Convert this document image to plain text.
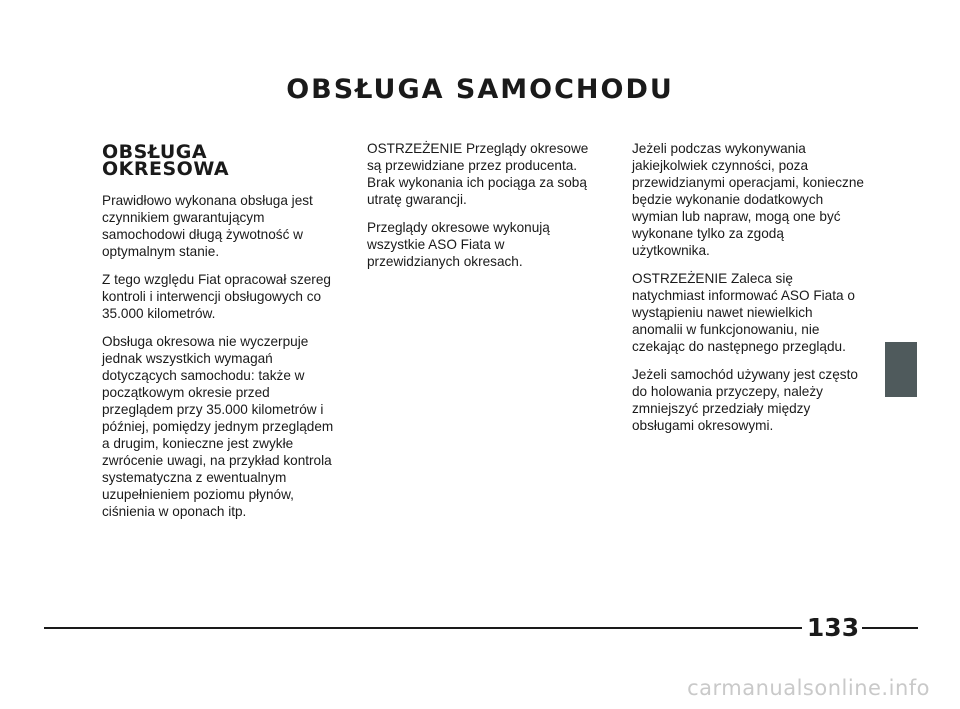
OBSŁUGA SAMOCHODU
OBSŁUGA OKRESOWA

Prawidłowo wykonana obsługa jest czynnikiem gwarantującym samochodowi długą żywotność w optymalnym stanie.

Z tego względu Fiat opracował szereg kontroli i interwencji obsługowych co 35.000 kilometrów.

Obsługa okresowa nie wyczerpuje jednak wszystkich wymagań dotyczących samochodu: także w początkowym okresie przed przeglądem przy 35.000 kilometrów i później, pomiędzy jednym przeglądem a drugim, konieczne jest zwykłe zwrócenie uwagi, na przykład kontrola systematyczna z ewentualnym uzupełnieniem poziomu płynów, ciśnienia w oponach itp.

OSTRZEŻENIE Przeglądy okresowe są przewidziane przez producenta. Brak wykonania ich pociąga za sobą utratę gwarancji.

Przeglądy okresowe wykonują wszystkie ASO Fiata w przewidzianych okresach.

Jeżeli podczas wykonywania jakiejkolwiek czynności, poza przewidzianymi operacjami, konieczne będzie wykonanie dodatkowych wymian lub napraw, mogą one być wykonane tylko za zgodą użytkownika.

OSTRZEŻENIE Zaleca się natychmiast informować ASO Fiata o wystąpieniu nawet niewielkich anomalii w funkcjonowaniu, nie czekając do następnego przeglądu.

Jeżeli samochód używany jest często do holowania przyczepy, należy zmniejszyć przedziały między obsługami okresowymi.

133
carmanualsonline.info
